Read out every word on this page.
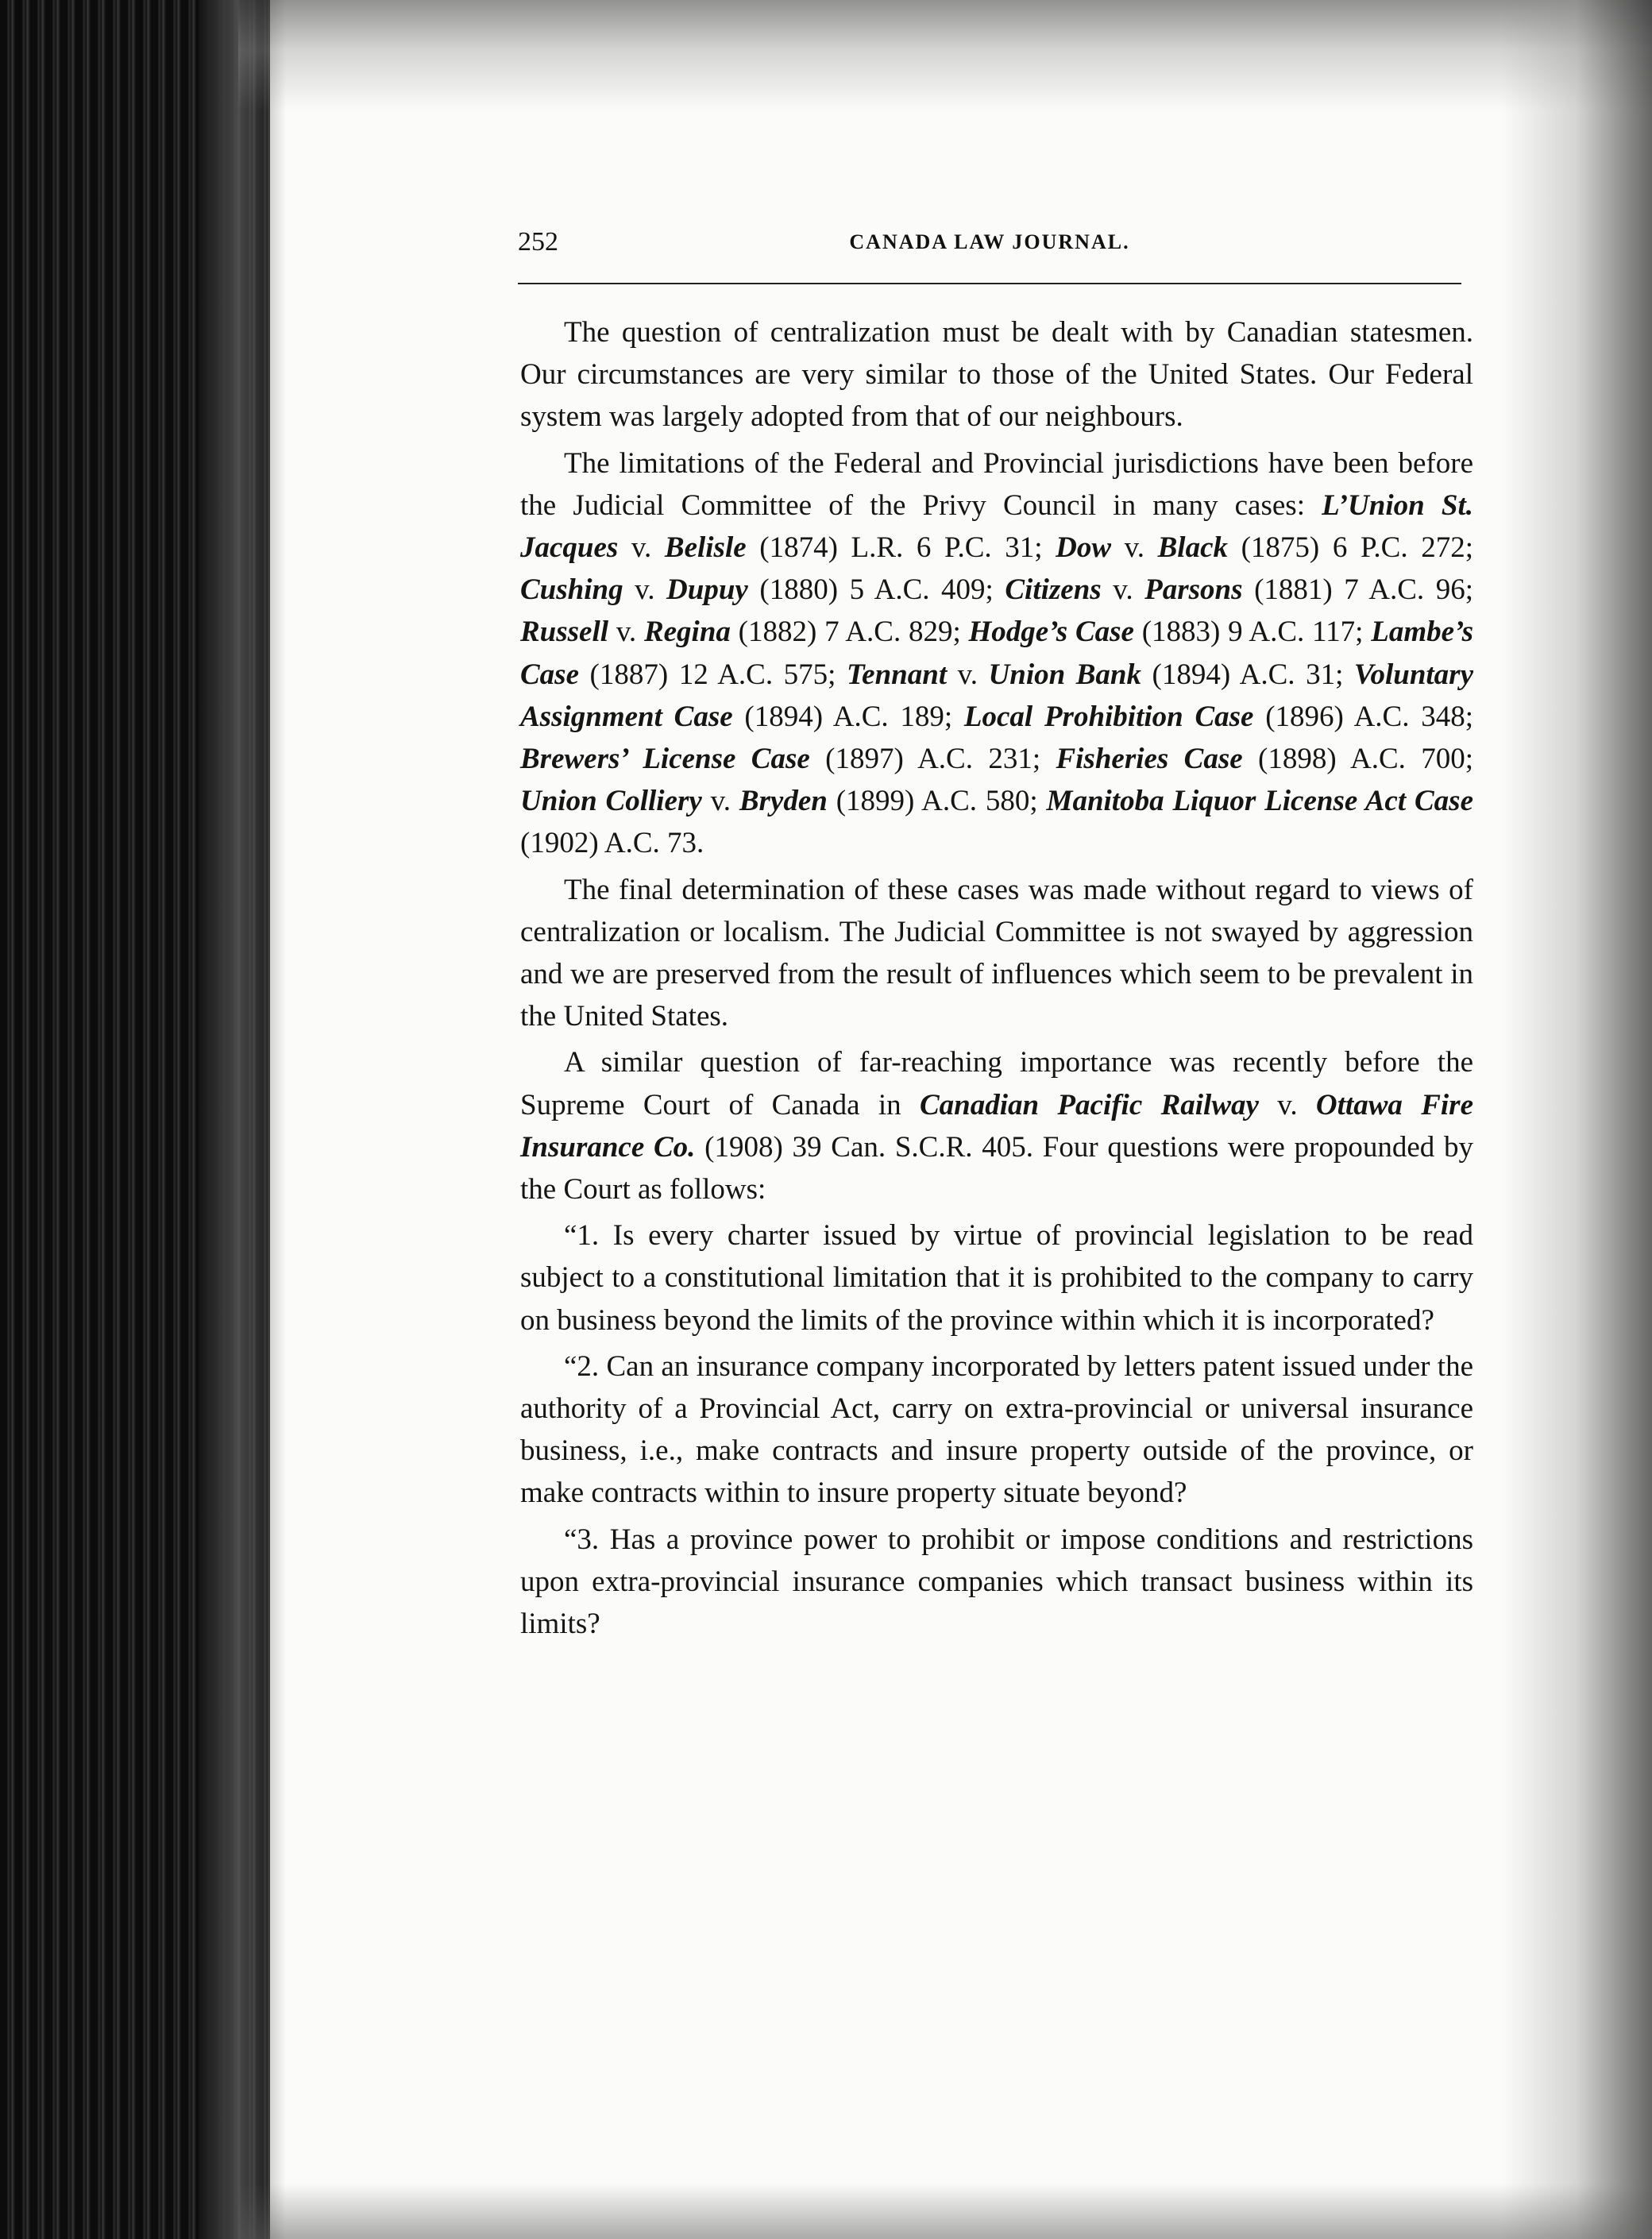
252	CANADA LAW JOURNAL.

The question of centralization must be dealt with by Canadian statesmen. Our circumstances are very similar to those of the United States. Our Federal system was largely adopted from that of our neighbours.

The limitations of the Federal and Provincial jurisdictions have been before the Judicial Committee of the Privy Council in many cases: L’Union St. Jacques v. Belisle (1874) L.R. 6 P.C. 31; Dow v. Black (1875) 6 P.C. 272; Cushing v. Dupuy (1880) 5 A.C. 409; Citizens v. Parsons (1881) 7 A.C. 96; Russell v. Regina (1882) 7 A.C. 829; Hodge’s Case (1883) 9 A.C. 117; Lambe’s Case (1887) 12 A.C. 575; Tennant v. Union Bank (1894) A.C. 31; Voluntary Assignment Case (1894) A.C. 189; Local Prohibition Case (1896) A.C. 348; Brewers’ License Case (1897) A.C. 231; Fisheries Case (1898) A.C. 700; Union Colliery v. Bryden (1899) A.C. 580; Manitoba Liquor License Act Case (1902) A.C. 73.

The final determination of these cases was made without regard to views of centralization or localism. The Judicial Committee is not swayed by aggression and we are preserved from the result of influences which seem to be prevalent in the United States.

A similar question of far-reaching importance was recently before the Supreme Court of Canada in Canadian Pacific Railway v. Ottawa Fire Insurance Co. (1908) 39 Can. S.C.R. 405. Four questions were propounded by the Court as follows:

“1. Is every charter issued by virtue of provincial legislation to be read subject to a constitutional limitation that it is prohibited to the company to carry on business beyond the limits of the province within which it is incorporated?

“2. Can an insurance company incorporated by letters patent issued under the authority of a Provincial Act, carry on extra-provincial or universal insurance business, i.e., make contracts and insure property outside of the province, or make contracts within to insure property situate beyond?

“3. Has a province power to prohibit or impose conditions and restrictions upon extra-provincial insurance companies which transact business within its limits?
